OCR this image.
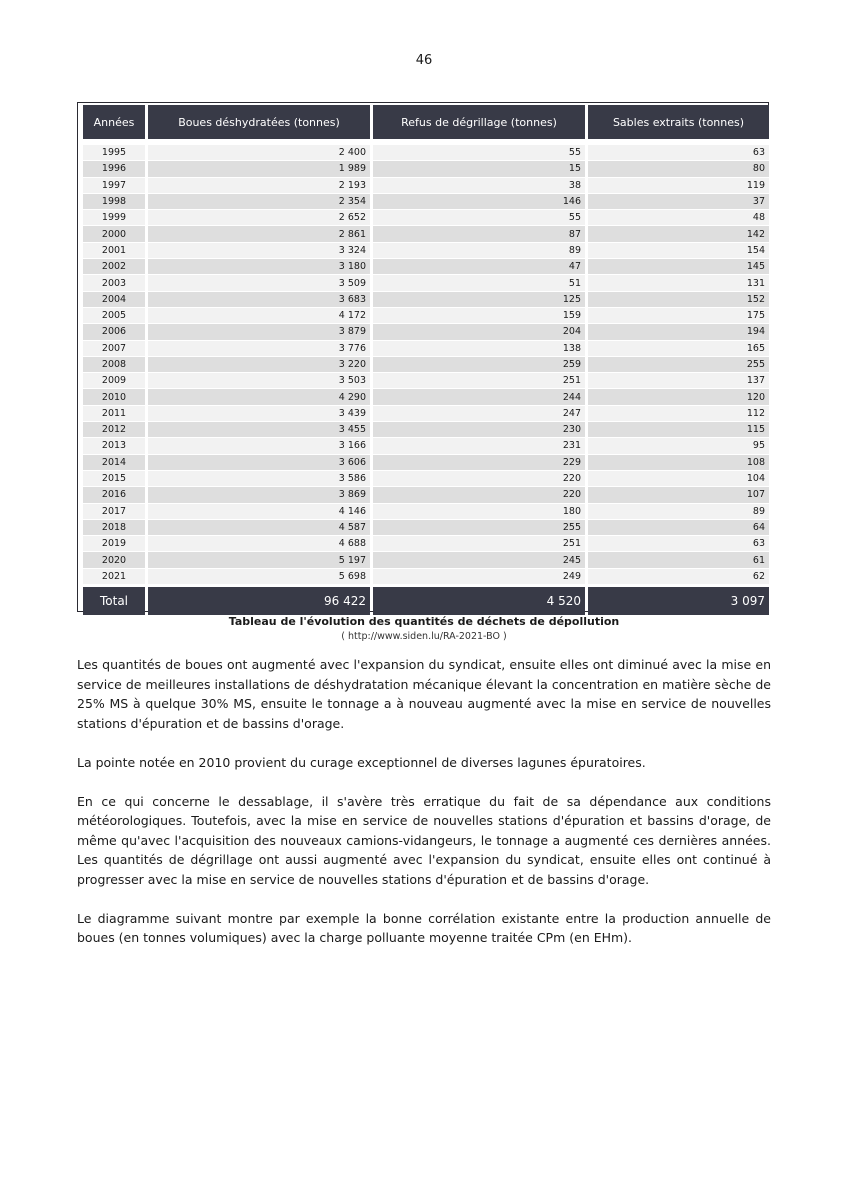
46
Années	Boues déshydratées (tonnes)	Refus de dégrillage (tonnes)	Sables extraits (tonnes)
1995	2 400	55	63
1996	1 989	15	80
1997	2 193	38	119
1998	2 354	146	37
1999	2 652	55	48
2000	2 861	87	142
2001	3 324	89	154
2002	3 180	47	145
2003	3 509	51	131
2004	3 683	125	152
2005	4 172	159	175
2006	3 879	204	194
2007	3 776	138	165
2008	3 220	259	255
2009	3 503	251	137
2010	4 290	244	120
2011	3 439	247	112
2012	3 455	230	115
2013	3 166	231	95
2014	3 606	229	108
2015	3 586	220	104
2016	3 869	220	107
2017	4 146	180	89
2018	4 587	255	64
2019	4 688	251	63
2020	5 197	245	61
2021	5 698	249	62
Total	96 422	4 520	3 097
Tableau de l'évolution des quantités de déchets de dépollution
( http://www.siden.lu/RA-2021-BO )

Les quantités de boues ont augmenté avec l'expansion du syndicat, ensuite elles ont diminué avec la mise en service de meilleures installations de déshydratation mécanique élevant la concentration en matière sèche de 25% MS à quelque 30% MS, ensuite le tonnage a à nouveau augmenté avec la mise en service de nouvelles stations d'épuration et de bassins d'orage.

La pointe notée en 2010 provient du curage exceptionnel de diverses lagunes épuratoires.

En ce qui concerne le dessablage, il s'avère très erratique du fait de sa dépendance aux conditions météorologiques. Toutefois, avec la mise en service de nouvelles stations d'épuration et bassins d'orage, de même qu'avec l'acquisition des nouveaux camions-vidangeurs, le tonnage a augmenté ces dernières années. Les quantités de dégrillage ont aussi augmenté avec l'expansion du syndicat, ensuite elles ont continué à progresser avec la mise en service de nouvelles stations d'épuration et de bassins d'orage.

Le diagramme suivant montre par exemple la bonne corrélation existante entre la production annuelle de boues (en tonnes volumiques) avec la charge polluante moyenne traitée CPm (en EHm).
